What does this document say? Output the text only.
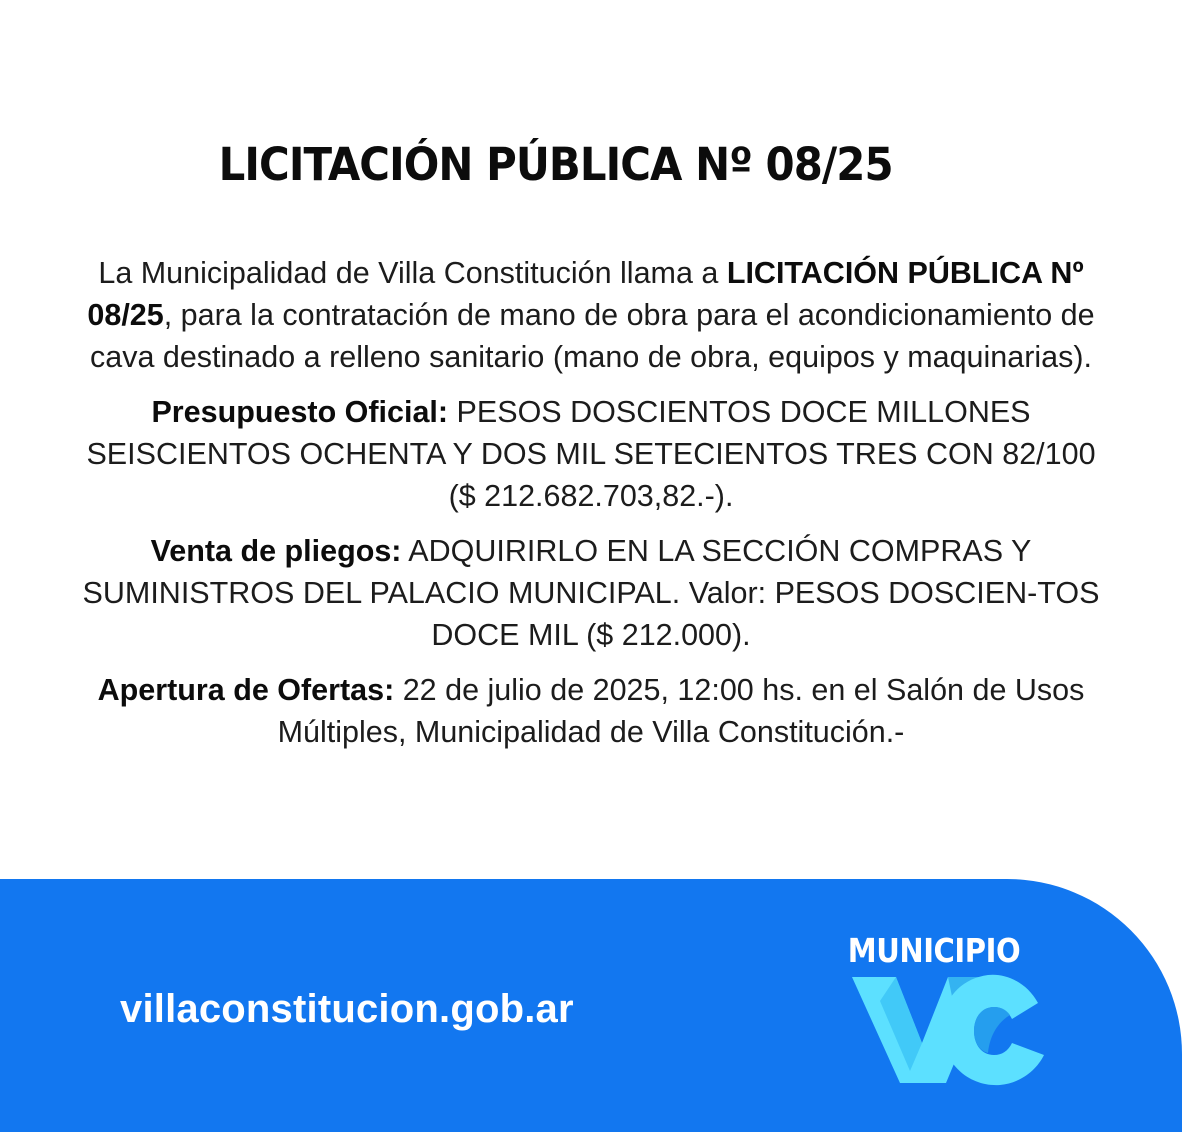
LICITACIÓN PÚBLICA Nº 08/25

La Municipalidad de Villa Constitución llama a LICITACIÓN PÚBLICA Nº 08/25, para la contratación de mano de obra para el acondicionamiento de cava destinado a relleno sanitario (mano de obra, equipos y maquinarias).

Presupuesto Oficial: PESOS DOSCIENTOS DOCE MILLONES SEISCIENTOS OCHENTA Y DOS MIL SETECIENTOS TRES CON 82/100 ($ 212.682.703,82.-).

Venta de pliegos: ADQUIRIRLO EN LA SECCIÓN COMPRAS Y SUMINISTROS DEL PALACIO MUNICIPAL. Valor: PESOS DOSCIEN-TOS DOCE MIL ($ 212.000).

Apertura de Ofertas: 22 de julio de 2025, 12:00 hs. en el Salón de Usos Múltiples, Municipalidad de Villa Constitución.-

villaconstitucion.gob.ar
MUNICIPIO
